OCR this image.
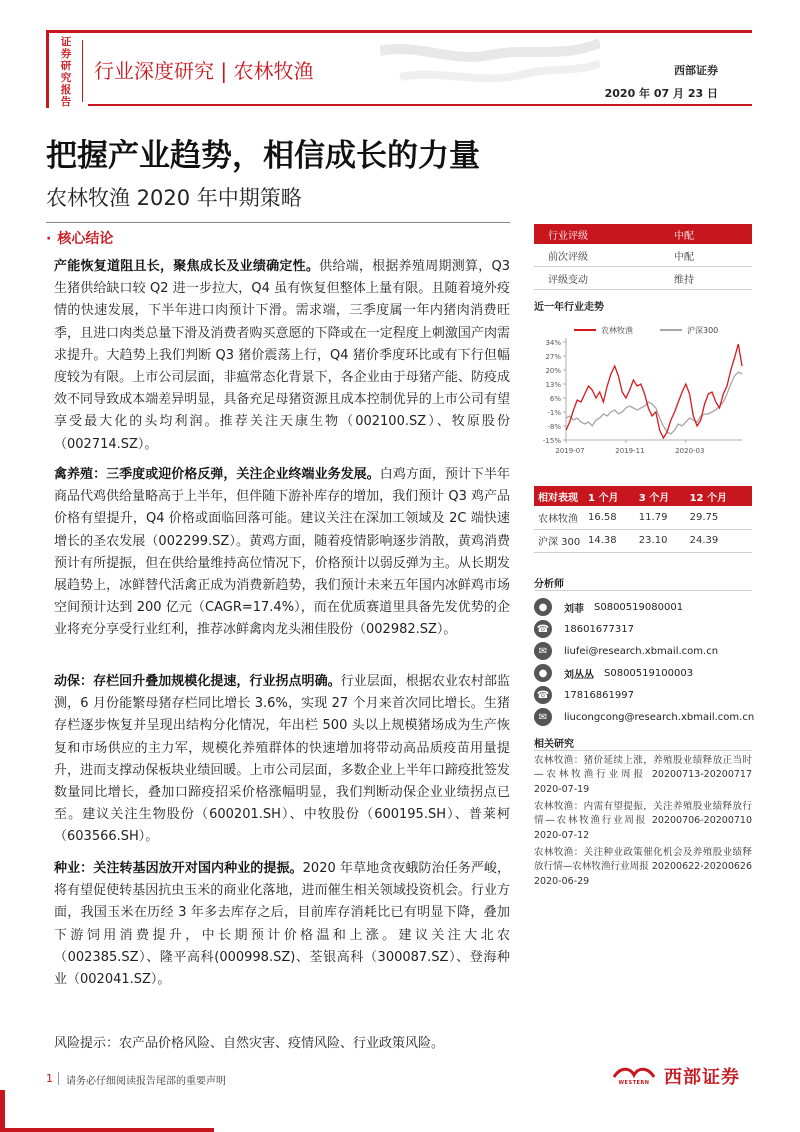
证券研究报告
行业深度研究 | 农林牧渔	西部证券
2020 年 07 月 23 日
把握产业趋势，相信成长的力量
农林牧渔 2020 年中期策略
· 核心结论
产能恢复道阻且长，聚焦成长及业绩确定性。供给端，根据养殖周期测算，Q3 生猪供给缺口较 Q2 进一步拉大，Q4 虽有恢复但整体上量有限。且随着境外疫情的快速发展，下半年进口肉预计下滑。需求端，三季度属一年内猪肉消费旺季，且进口肉类总量下滑及消费者购买意愿的下降或在一定程度上刺激国产肉需求提升。大趋势上我们判断 Q3 猪价震荡上行，Q4 猪价季度环比或有下行但幅度较为有限。上市公司层面，非瘟常态化背景下，各企业由于母猪产能、防疫成效不同导致成本端差异明显，具备充足母猪资源且成本控制优异的上市公司有望享受最大化的头均利润。推荐关注天康生物（002100.SZ）、牧原股份（002714.SZ）。
禽养殖：三季度或迎价格反弹，关注企业终端业务发展。白鸡方面，预计下半年商品代鸡供给量略高于上半年，但伴随下游补库存的增加，我们预计 Q3 鸡产品价格有望提升，Q4 价格或面临回落可能。建议关注在深加工领域及 2C 端快速增长的圣农发展（002299.SZ）。黄鸡方面，随着疫情影响逐步消散，黄鸡消费预计有所提振，但在供给量维持高位情况下，价格预计以弱反弹为主。从长期发展趋势上，冰鲜替代活禽正成为消费新趋势，我们预计未来五年国内冰鲜鸡市场空间预计达到 200 亿元（CAGR=17.4%），而在优质赛道里具备先发优势的企业将充分享受行业红利，推荐冰鲜禽肉龙头湘佳股份（002982.SZ）。
动保：存栏回升叠加规模化提速，行业拐点明确。行业层面，根据农业农村部监测，6 月份能繁母猪存栏同比增长 3.6%，实现 27 个月来首次同比增长。生猪存栏逐步恢复并呈现出结构分化情况，年出栏 500 头以上规模猪场成为生产恢复和市场供应的主力军，规模化养殖群体的快速增加将带动高品质疫苗用量提升，进而支撑动保板块业绩回暖。上市公司层面，多数企业上半年口蹄疫批签发数量同比增长，叠加口蹄疫招采价格涨幅明显，我们判断动保企业业绩拐点已至。建议关注生物股份（600201.SH）、中牧股份（600195.SH）、普莱柯（603566.SH）。
种业：关注转基因放开对国内种业的提振。2020 年草地贪夜蛾防治任务严峻，将有望促使转基因抗虫玉米的商业化落地，进而催生相关领域投资机会。行业方面，我国玉米在历经 3 年多去库存之后，目前库存消耗比已有明显下降，叠加下游饲用消费提升，中长期预计价格温和上涨。建议关注大北农（002385.SZ）、隆平高科(000998.SZ)、荃银高科（300087.SZ）、登海种业（002041.SZ）。
风险提示：农产品价格风险、自然灾害、疫情风险、行业政策风险。
行业评级	中配
前次评级	中配
评级变动	维持
近一年行业走势
34%
27%
20%
13%
6%
-1%
-8%
-15%
2019-07	2019-11	2020-03
农林牧渔	沪深300
相对表现	1 个月	3 个月	12 个月
农林牧渔	16.58	11.79	29.75
沪深 300	14.38	23.10	24.39
分析师
●	刘菲 S0800519080001
☎ 18601677317
✉	liufei@research.xbmail.com.cn
●	刘丛丛 S0800519100003
☎ 17816861997
✉	liucongcong@research.xbmail.com.cn
相关研究
农林牧渔：猪价延续上涨，养殖股业绩释放正当时—农林牧渔行业周报 20200713-20200717 2020-07-19
农林牧渔：内需有望提振，关注养殖股业绩释放行情—农林牧渔行业周报 20200706-20200710 2020-07-12
农林牧渔：关注种业政策催化机会及养殖股业绩释放行情—农林牧渔行业周报 20200622-20200626 2020-06-29
1 请务必仔细阅读报告尾部的重要声明	WESTERN 西部证券
